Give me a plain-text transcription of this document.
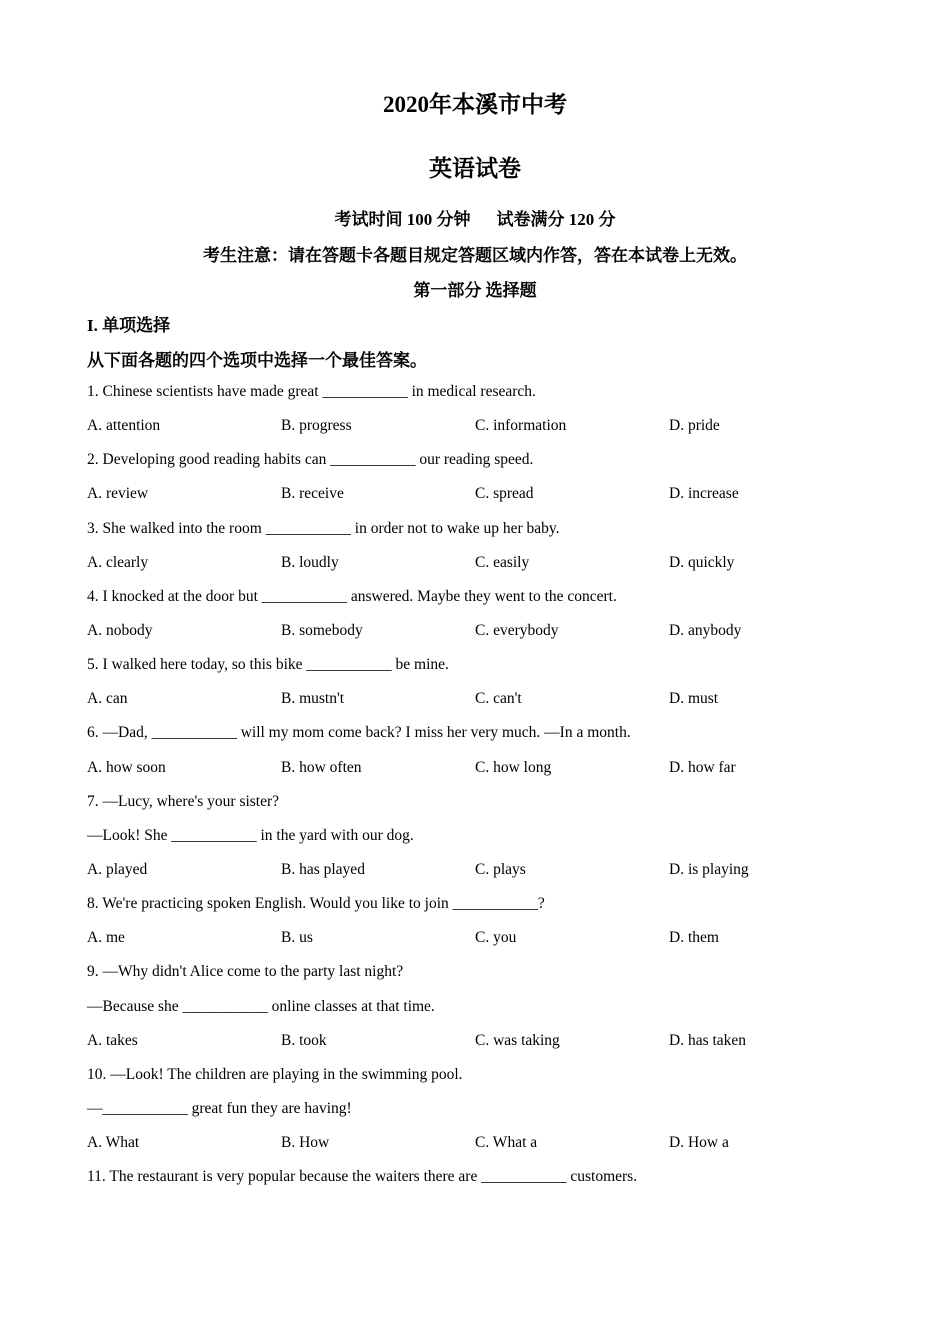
2020年本溪市中考
英语试卷
考试时间 100 分钟 试卷满分 120 分
考生注意：请在答题卡各题目规定答题区域内作答，答在本试卷上无效。
第一部分 选择题
I. 单项选择
从下面各题的四个选项中选择一个最佳答案。
1. Chinese scientists have made great ___________ in medical research.
A. attention	B. progress	C. information	D. pride
2. Developing good reading habits can ___________ our reading speed.
A. review	B. receive	C. spread	D. increase
3. She walked into the room ___________ in order not to wake up her baby.
A. clearly	B. loudly	C. easily	D. quickly
4. I knocked at the door but ___________ answered. Maybe they went to the concert.
A. nobody	B. somebody	C. everybody	D. anybody
5. I walked here today, so this bike ___________ be mine.
A. can	B. mustn't	C. can't	D. must
6. —Dad, ___________ will my mom come back? I miss her very much. —In a month.
A. how soon	B. how often	C. how long	D. how far
7. —Lucy, where's your sister?
—Look! She ___________ in the yard with our dog.
A. played	B. has played	C. plays	D. is playing
8. We're practicing spoken English. Would you like to join ___________?
A. me	B. us	C. you	D. them
9. —Why didn't Alice come to the party last night?
—Because she ___________ online classes at that time.
A. takes	B. took	C. was taking	D. has taken
10. —Look! The children are playing in the swimming pool.
—___________ great fun they are having!
A. What	B. How	C. What a	D. How a
11. The restaurant is very popular because the waiters there are ___________ customers.
